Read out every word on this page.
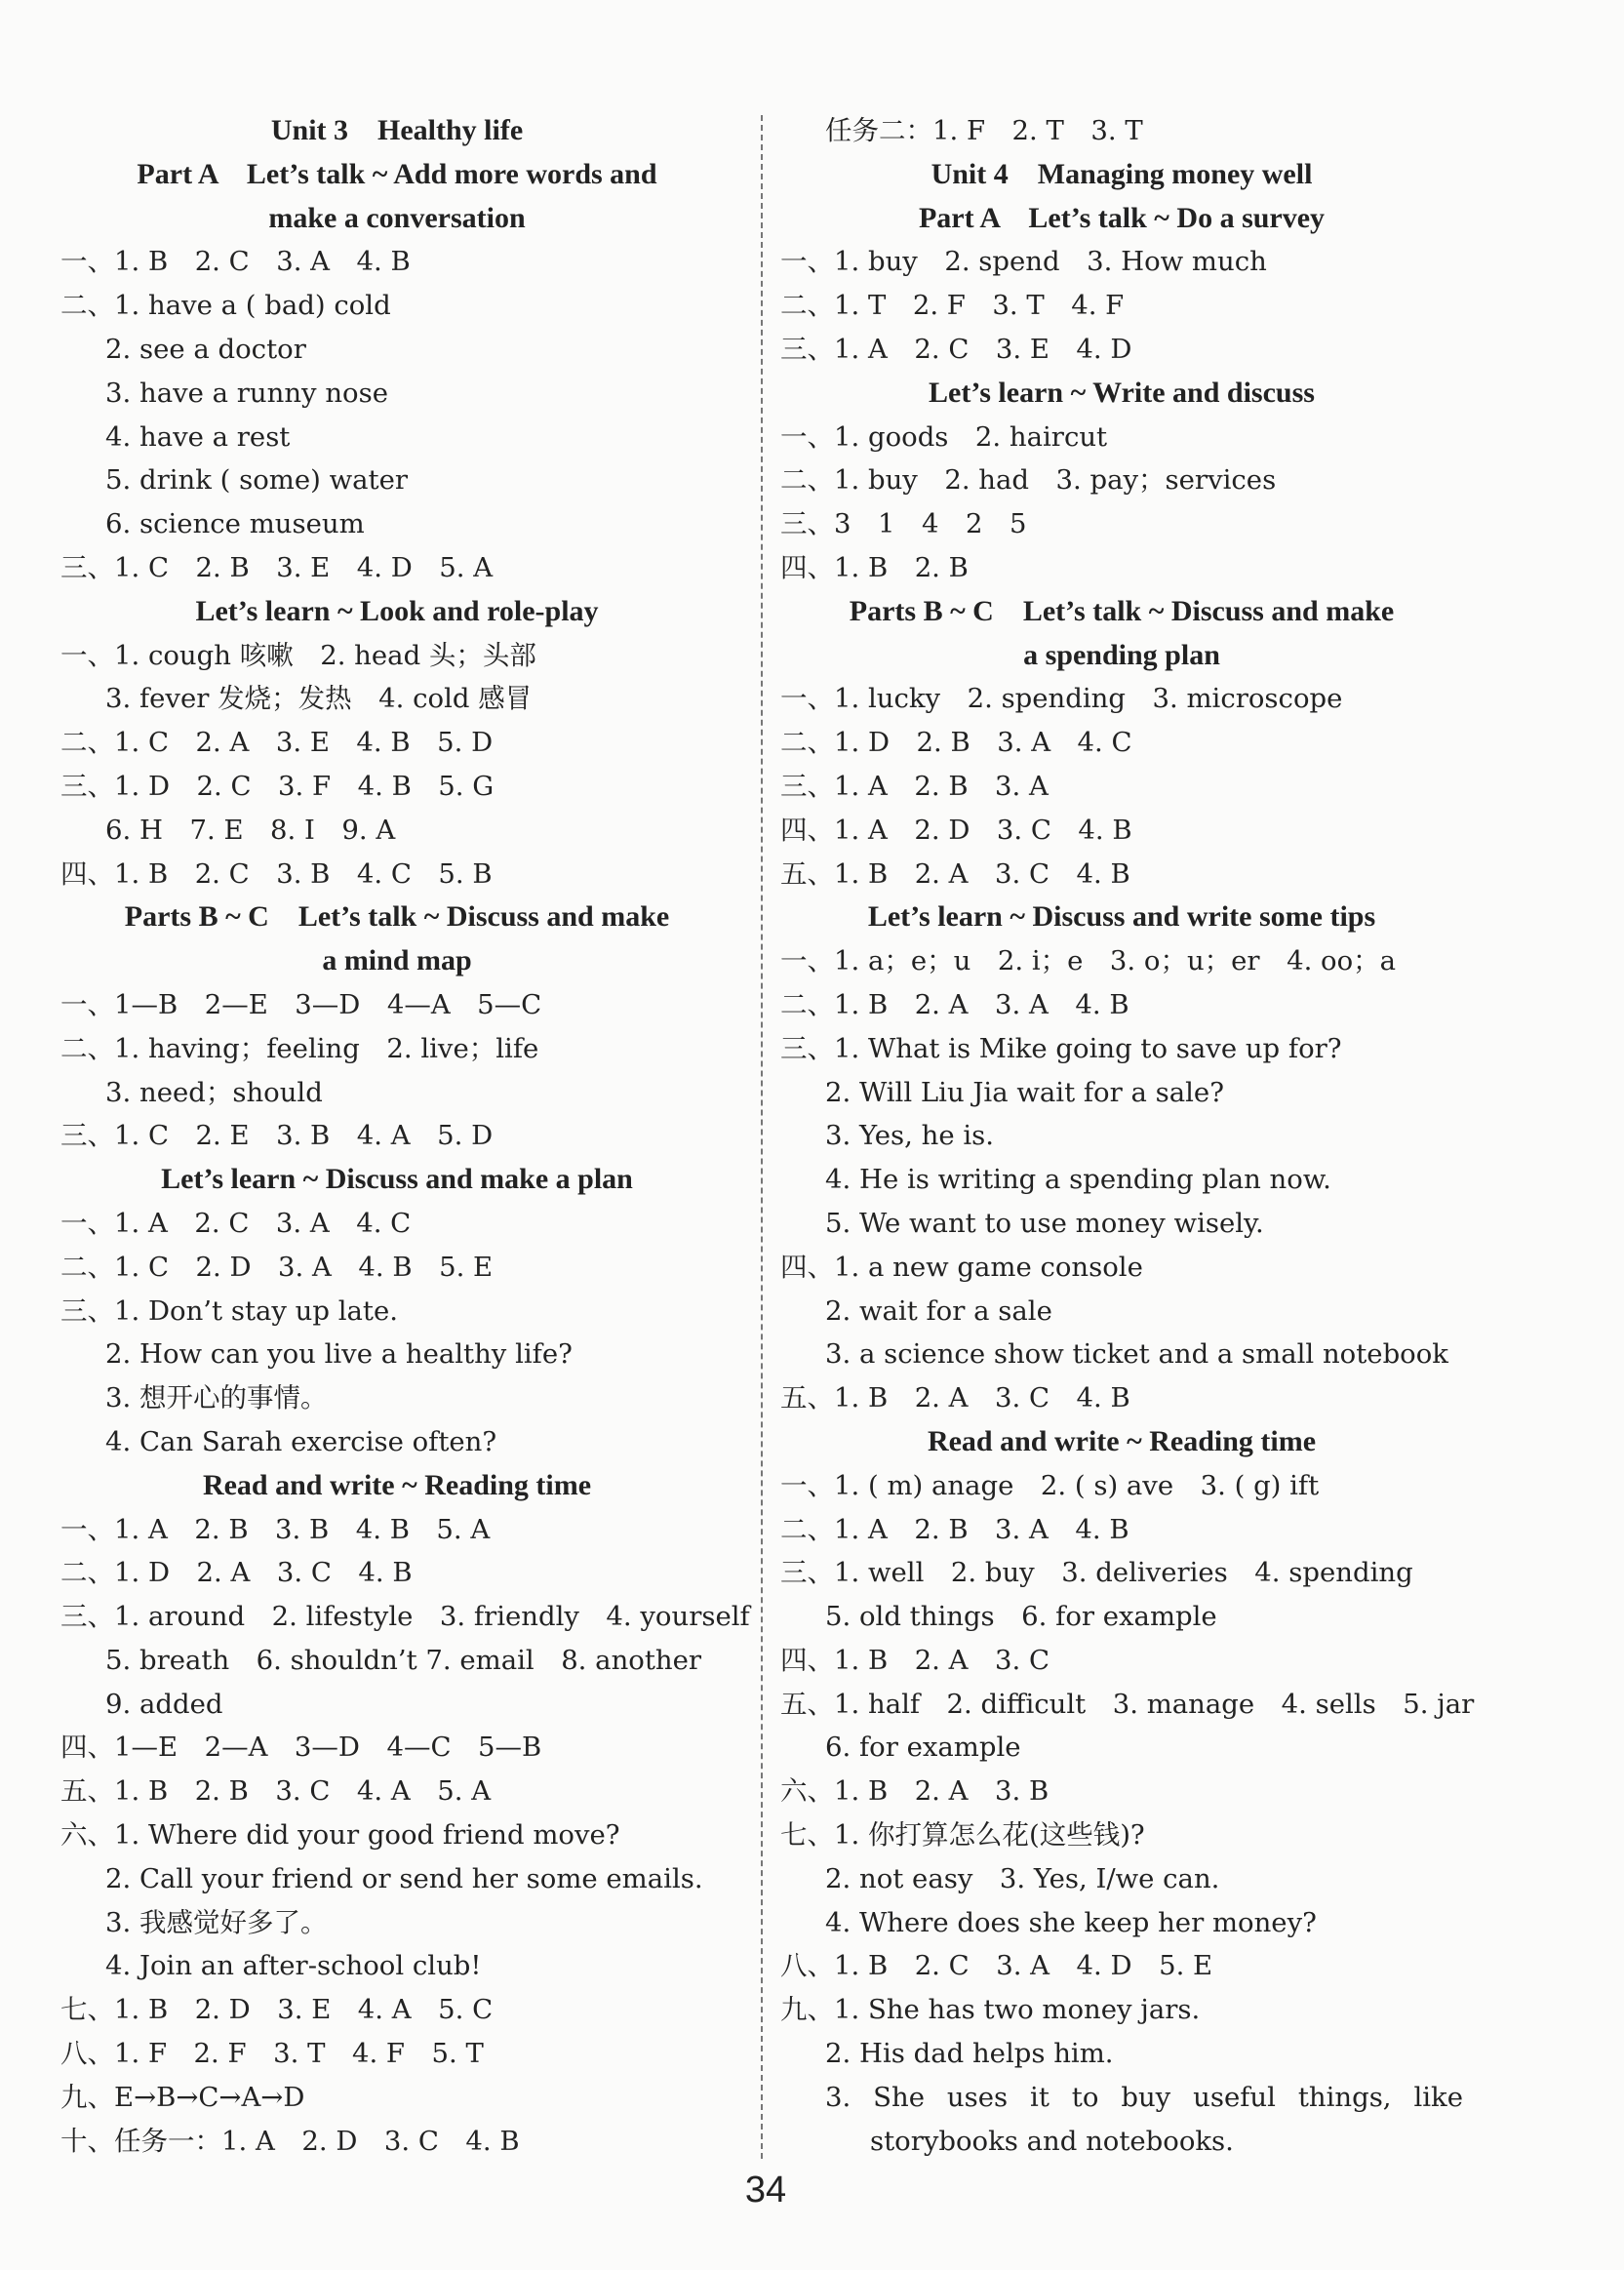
Unit 3　Healthy life
Part A　Let’s talk ~ Add more words and
make a conversation
一、1. B　2. C　3. A　4. B
二、1. have a ( bad) cold
2. see a doctor
3. have a runny nose
4. have a rest
5. drink ( some) water
6. science museum
三、1. C　2. B　3. E　4. D　5. A
Let’s learn ~ Look and role-play
一、1. cough 咳嗽　2. head 头；头部
3. fever 发烧；发热　4. cold 感冒
二、1. C　2. A　3. E　4. B　5. D
三、1. D　2. C　3. F　4. B　5. G
6. H　7. E　8. I　9. A
四、1. B　2. C　3. B　4. C　5. B
Parts B ~ C　Let’s talk ~ Discuss and make
a mind map
一、1—B　2—E　3—D　4—A　5—C
二、1. having；feeling　2. live；life
3. need；should
三、1. C　2. E　3. B　4. A　5. D
Let’s learn ~ Discuss and make a plan
一、1. A　2. C　3. A　4. C
二、1. C　2. D　3. A　4. B　5. E
三、1. Don’t stay up late.
2. How can you live a healthy life?
3. 想开心的事情。
4. Can Sarah exercise often?
Read and write ~ Reading time
一、1. A　2. B　3. B　4. B　5. A
二、1. D　2. A　3. C　4. B
三、1. around　2. lifestyle　3. friendly　4. yourself
5. breath　6. shouldn’t 7. email　8. another
9. added
四、1—E　2—A　3—D　4—C　5—B
五、1. B　2. B　3. C　4. A　5. A
六、1. Where did your good friend move?
2. Call your friend or send her some emails.
3. 我感觉好多了。
4. Join an after-school club!
七、1. B　2. D　3. E　4. A　5. C
八、1. F　2. F　3. T　4. F　5. T
九、E→B→C→A→D
十、任务一：1. A　2. D　3. C　4. B
任务二：1. F　2. T　3. T
Unit 4　Managing money well
Part A　Let’s talk ~ Do a survey
一、1. buy　2. spend　3. How much
二、1. T　2. F　3. T　4. F
三、1. A　2. C　3. E　4. D
Let’s learn ~ Write and discuss
一、1. goods　2. haircut
二、1. buy　2. had　3. pay；services
三、3　1　4　2　5
四、1. B　2. B
Parts B ~ C　Let’s talk ~ Discuss and make
a spending plan
一、1. lucky　2. spending　3. microscope
二、1. D　2. B　3. A　4. C
三、1. A　2. B　3. A
四、1. A　2. D　3. C　4. B
五、1. B　2. A　3. C　4. B
Let’s learn ~ Discuss and write some tips
一、1. a；e；u　2. i；e　3. o；u；er　4. oo；a
二、1. B　2. A　3. A　4. B
三、1. What is Mike going to save up for?
2. Will Liu Jia wait for a sale?
3. Yes, he is.
4. He is writing a spending plan now.
5. We want to use money wisely.
四、1. a new game console
2. wait for a sale
3. a science show ticket and a small notebook
五、1. B　2. A　3. C　4. B
Read and write ~ Reading time
一、1. ( m) anage　2. ( s) ave　3. ( g) ift
二、1. A　2. B　3. A　4. B
三、1. well　2. buy　3. deliveries　4. spending
5. old things　6. for example
四、1. B　2. A　3. C
五、1. half　2. difficult　3. manage　4. sells　5. jar
6. for example
六、1. B　2. A　3. B
七、1. 你打算怎么花(这些钱)?
2. not easy　3. Yes, I/we can.
4. Where does she keep her money?
八、1. B　2. C　3. A　4. D　5. E
九、1. She has two money jars.
2. His dad helps him.
3. She uses it to buy useful things, like
storybooks and notebooks.
34
